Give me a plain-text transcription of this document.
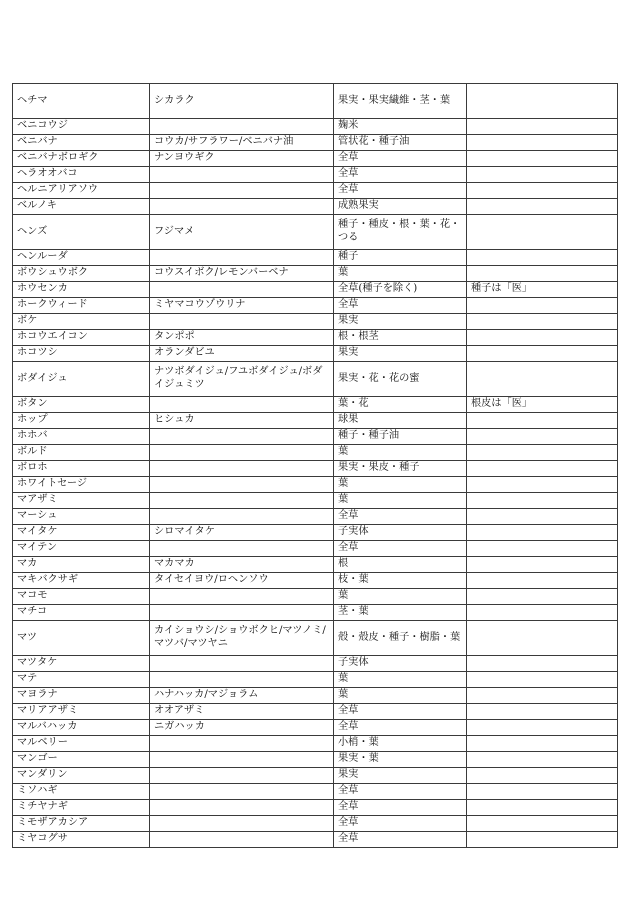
ヘチマ	シカラク	果実・果実繊維・茎・葉	
ベニコウジ		麹米	
ベニバナ	コウカ/サフラワー/ベニバナ油	管状花・種子油	
ベニバナボロギク	ナンヨウギク	全草	
ヘラオオバコ		全草	
ヘルニアリアソウ		全草	
ベルノキ		成熟果実	
ヘンズ	フジマメ	種子・種皮・根・葉・花・つる	
ヘンルーダ		種子	
ボウシュウボク	コウスイボク/レモンバーベナ	葉	
ホウセンカ		全草(種子を除く)	種子は「医」
ホークウィード	ミヤマコウゾウリナ	全草	
ボケ		果実	
ホコウエイコン	タンポポ	根・根茎	
ホコツシ	オランダビユ	果実	
ボダイジュ	ナツボダイジュ/フユボダイジュ/ボダイジュミツ	果実・花・花の蜜	
ボタン		葉・花	根皮は「医」
ホップ	ヒシュカ	球果	
ホホバ		種子・種子油	
ボルド		葉	
ボロホ		果実・果皮・種子	
ホワイトセージ		葉	
マアザミ		葉	
マーシュ		全草	
マイタケ	シロマイタケ	子実体	
マイテン		全草	
マカ	マカマカ	根	
マキバクサギ	タイセイヨウ/ロヘンソウ	枝・葉	
マコモ		葉	
マチコ		茎・葉	
マツ	カイショウシ/ショウボクヒ/マツノミ/マツバ/マツヤニ	殻・殻皮・種子・樹脂・葉	
マツタケ		子実体	
マテ		葉	
マヨラナ	ハナハッカ/マジョラム	葉	
マリアアザミ	オオアザミ	全草	
マルバハッカ	ニガハッカ	全草	
マルベリー		小梢・葉	
マンゴー		果実・葉	
マンダリン		果実	
ミソハギ		全草	
ミチヤナギ		全草	
ミモザアカシア		全草	
ミヤコグサ		全草	
